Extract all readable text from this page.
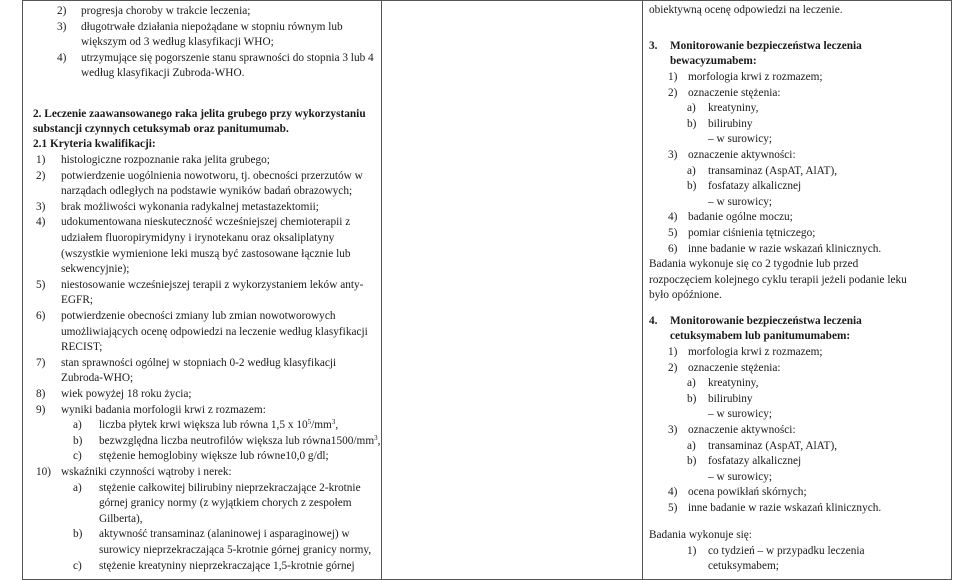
2) progresja choroby w trakcie leczenia;
3) długotrwałe działania niepożądane w stopniu równym lub
większym od 3 według klasyfikacji WHO;
4) utrzymujące się pogorszenie stanu sprawności do stopnia 3 lub 4
według klasyfikacji Zubroda-WHO.
2. Leczenie zaawansowanego raka jelita grubego przy wykorzystaniu
substancji czynnych cetuksymab oraz panitumumab.
2.1 Kryteria kwalifikacji:
1) histologiczne rozpoznanie raka jelita grubego;
2) potwierdzenie uogólnienia nowotworu, tj. obecności przerzutów w
narządach odległych na podstawie wyników badań obrazowych;
3) brak możliwości wykonania radykalnej metastazektomii;
4) udokumentowana nieskuteczność wcześniejszej chemioterapii z
udziałem fluoropirymidyny i irynotekanu oraz oksaliplatyny
(wszystkie wymienione leki muszą być zastosowane łącznie lub
sekwencyjnie);
5) niestosowanie wcześniejszej terapii z wykorzystaniem leków anty-
EGFR;
6) potwierdzenie obecności zmiany lub zmian nowotworowych
umożliwiających ocenę odpowiedzi na leczenie według klasyfikacji
RECIST;
7) stan sprawności ogólnej w stopniach 0-2 według klasyfikacji
Zubroda-WHO;
8) wiek powyżej 18 roku życia;
9) wyniki badania morfologii krwi z rozmazem:
a) liczba płytek krwi większa lub równa 1,5 x $10^5/mm^3$,
b) bezwzględna liczba neutrofilów większa lub $równa1500/mm^3$,
c) stężenie hemoglobiny większe lub równe10,0 g/dl;
10) wskaźniki czynności wątroby i nerek:
a) stężenie całkowitej bilirubiny nieprzekraczające 2-krotnie
górnej granicy normy (z wyjątkiem chorych z zespołem
Gilberta),
b) aktywność transaminaz (alaninowej i asparaginowej) w
surowicy nieprzekraczająca 5-krotnie górnej granicy normy,
c) stężenie kreatyniny nieprzekraczające 1,5-krotnie górnej

obiektywną ocenę odpowiedzi na leczenie.
3. Monitorowanie bezpieczeństwa leczenia
bewacyzumabem:
1) morfologia krwi z rozmazem;
2) oznaczenie stężenia:
a) kreatyniny,
b) bilirubiny
– w surowicy;
3) oznaczenie aktywności:
a) transaminaz (AspAT, AlAT),
b) fosfatazy alkalicznej
– w surowicy;
4) badanie ogólne moczu;
5) pomiar ciśnienia tętniczego;
6) inne badanie w razie wskazań klinicznych.
Badania wykonuje się co 2 tygodnie lub przed
rozpoczęciem kolejnego cyklu terapii jeżeli podanie leku
było opóźnione.
4. Monitorowanie bezpieczeństwa leczenia
cetuksymabem lub panitumumabem:
1) morfologia krwi z rozmazem;
2) oznaczenie stężenia:
a) kreatyniny,
b) bilirubiny
– w surowicy;
3) oznaczenie aktywności:
a) transaminaz (AspAT, AlAT),
b) fosfatazy alkalicznej
– w surowicy;
4) ocena powikłań skórnych;
5) inne badanie w razie wskazań klinicznych.
Badania wykonuje się:
1) co tydzień – w przypadku leczenia
cetuksymabem;
